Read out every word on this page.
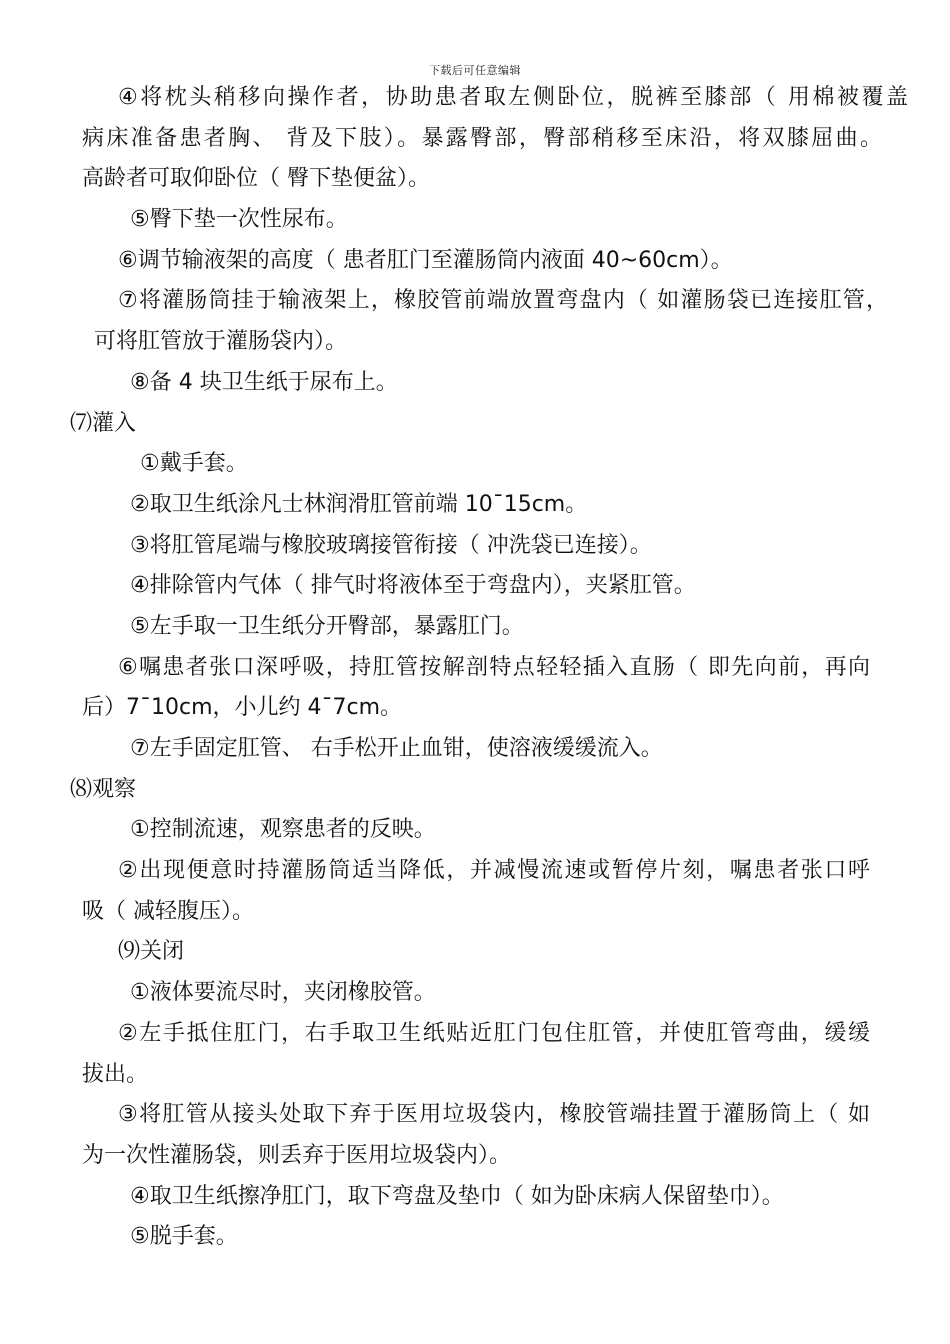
下载后可任意编辑
④将枕头稍移向操作者，协助患者取左侧卧位，脱裤至膝部（ 用棉被覆盖
病床准备患者胸、 背及下肢）。暴露臀部，臀部稍移至床沿，将双膝屈曲。
高龄者可取仰卧位（ 臀下垫便盆）。
⑤臀下垫一次性尿布。
⑥调节输液架的高度（ 患者肛门至灌肠筒内液面 40~60cm）。
⑦将灌肠筒挂于输液架上，橡胶管前端放置弯盘内（ 如灌肠袋已连接肛管，
可将肛管放于灌肠袋内）。
⑧备 4 块卫生纸于尿布上。
⑺灌入
①戴手套。
②取卫生纸涂凡士林润滑肛管前端 10¯15cm。
③将肛管尾端与橡胶玻璃接管衔接（ 冲洗袋已连接）。
④排除管内气体（ 排气时将液体至于弯盘内），夹紧肛管。
⑤左手取一卫生纸分开臀部，暴露肛门。
⑥嘱患者张口深呼吸，持肛管按解剖特点轻轻插入直肠（ 即先向前，再向
后）7¯10cm，小儿约 4¯7cm。
⑦左手固定肛管、 右手松开止血钳，使溶液缓缓流入。
⑻观察
①控制流速，观察患者的反映。
②出现便意时持灌肠筒适当降低，并减慢流速或暂停片刻，嘱患者张口呼
吸（ 减轻腹压）。
⑼关闭
①液体要流尽时，夹闭橡胶管。
②左手抵住肛门，右手取卫生纸贴近肛门包住肛管，并使肛管弯曲，缓缓
拔出。
③将肛管从接头处取下弃于医用垃圾袋内，橡胶管端挂置于灌肠筒上（ 如
为一次性灌肠袋，则丢弃于医用垃圾袋内）。
④取卫生纸擦净肛门，取下弯盘及垫巾（ 如为卧床病人保留垫巾）。
⑤脱手套。
